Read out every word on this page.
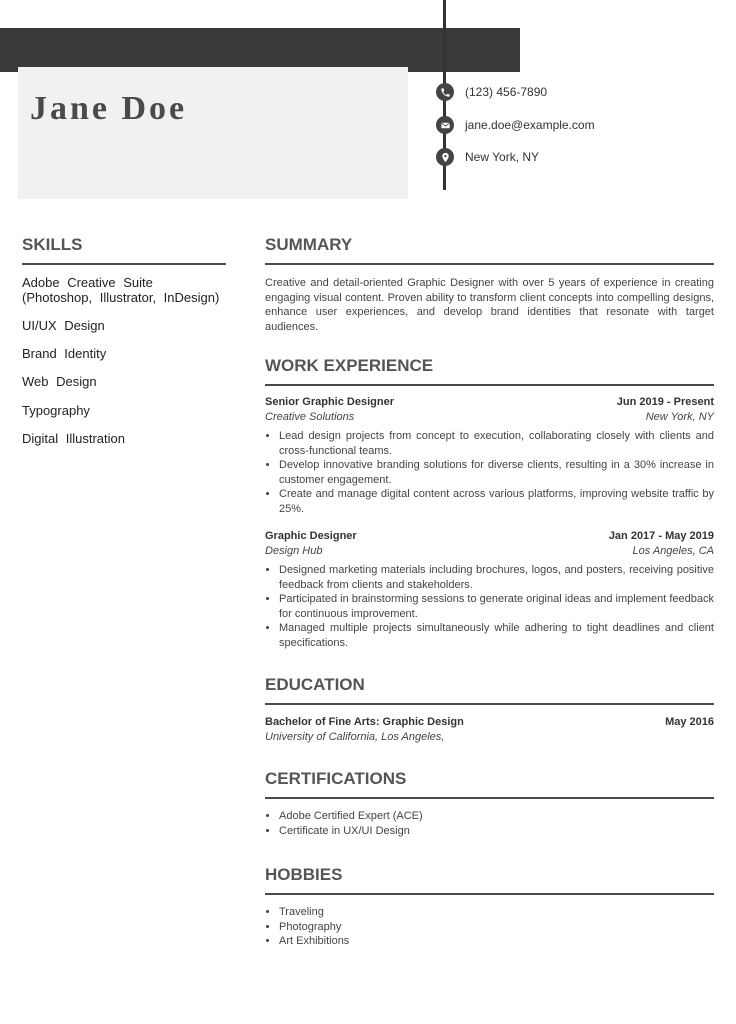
Jane Doe	(123) 456-7890
jane.doe@example.com
New York, NY
SKILLS
Adobe Creative Suite (Photoshop, Illustrator, InDesign)
UI/UX Design
Brand Identity
Web Design
Typography
Digital Illustration
SUMMARY

Creative and detail-oriented Graphic Designer with over 5 years of experience in creating engaging visual content. Proven ability to transform client concepts into compelling designs, enhance user experiences, and develop brand identities that resonate with target audiences.

WORK EXPERIENCE
Senior Graphic Designer	Jun 2019 - Present
Creative Solutions	New York, NY
• Lead design projects from concept to execution, collaborating closely with clients and cross-functional teams.
• Develop innovative branding solutions for diverse clients, resulting in a 30% increase in customer engagement.
• Create and manage digital content across various platforms, improving website traffic by 25%.
Graphic Designer	Jan 2017 - May 2019
Design Hub	Los Angeles, CA
• Designed marketing materials including brochures, logos, and posters, receiving positive feedback from clients and stakeholders.
• Participated in brainstorming sessions to generate original ideas and implement feedback for continuous improvement.
• Managed multiple projects simultaneously while adhering to tight deadlines and client specifications.
EDUCATION
Bachelor of Fine Arts: Graphic Design	May 2016
University of California, Los Angeles,
CERTIFICATIONS
• Adobe Certified Expert (ACE)
• Certificate in UX/UI Design
HOBBIES
• Traveling
• Photography
• Art Exhibitions
